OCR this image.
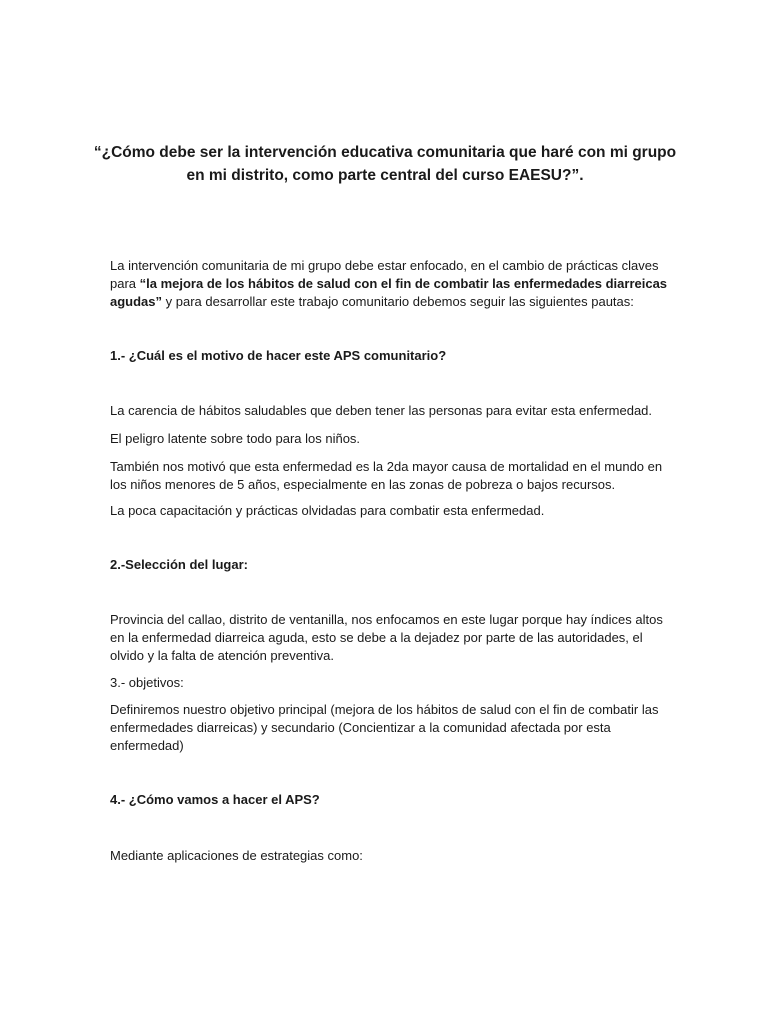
“¿Cómo debe ser la intervención educativa comunitaria que haré con mi grupo en mi distrito, como parte central del curso EAESU?”.

La intervención comunitaria de mi grupo debe estar enfocado, en el cambio de prácticas claves para “la mejora de los hábitos de salud con el fin de combatir las enfermedades diarreicas agudas” y para desarrollar este trabajo comunitario debemos seguir las siguientes pautas:

1.- ¿Cuál es el motivo de hacer este APS comunitario?

La carencia de hábitos saludables que deben tener las personas para evitar esta enfermedad.

El peligro latente sobre todo para los niños.

También nos motivó que esta enfermedad es la 2da mayor causa de mortalidad en el mundo en los niños menores de 5 años, especialmente en las zonas de pobreza o bajos recursos.

La poca capacitación y prácticas olvidadas para combatir esta enfermedad.

2.-Selección del lugar:

Provincia del callao, distrito de ventanilla, nos enfocamos en este lugar porque hay índices altos en la enfermedad diarreica aguda, esto se debe a la dejadez por parte de las autoridades, el olvido y la falta de atención preventiva.

3.- objetivos:

Definiremos nuestro objetivo principal (mejora de los hábitos de salud con el fin de combatir las enfermedades diarreicas) y secundario (Concientizar a la comunidad afectada por esta enfermedad)

4.- ¿Cómo vamos a hacer el APS?

Mediante aplicaciones de estrategias como:
